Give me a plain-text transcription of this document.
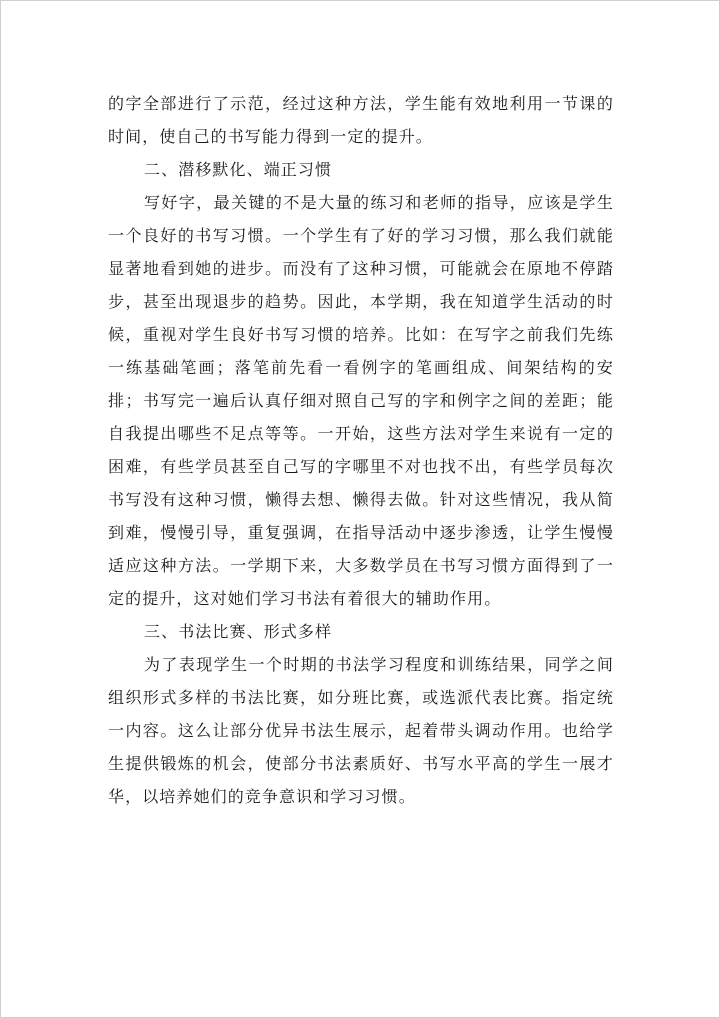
的字全部进行了示范，经过这种方法，学生能有效地利用一节课的时间，使自己的书写能力得到一定的提升。

二、潜移默化、端正习惯

写好字，最关键的不是大量的练习和老师的指导，应该是学生一个良好的书写习惯。一个学生有了好的学习习惯，那么我们就能显著地看到她的进步。而没有了这种习惯，可能就会在原地不停踏步，甚至出现退步的趋势。因此，本学期，我在知道学生活动的时候，重视对学生良好书写习惯的培养。比如：在写字之前我们先练一练基础笔画；落笔前先看一看例字的笔画组成、间架结构的安排；书写完一遍后认真仔细对照自己写的字和例字之间的差距；能自我提出哪些不足点等等。一开始，这些方法对学生来说有一定的困难，有些学员甚至自己写的字哪里不对也找不出，有些学员每次书写没有这种习惯，懒得去想、懒得去做。针对这些情况，我从简到难，慢慢引导，重复强调，在指导活动中逐步渗透，让学生慢慢适应这种方法。一学期下来，大多数学员在书写习惯方面得到了一定的提升，这对她们学习书法有着很大的辅助作用。

三、书法比赛、形式多样

为了表现学生一个时期的书法学习程度和训练结果，同学之间组织形式多样的书法比赛，如分班比赛，或选派代表比赛。指定统一内容。这么让部分优异书法生展示，起着带头调动作用。也给学生提供锻炼的机会，使部分书法素质好、书写水平高的学生一展才华，以培养她们的竞争意识和学习习惯。
